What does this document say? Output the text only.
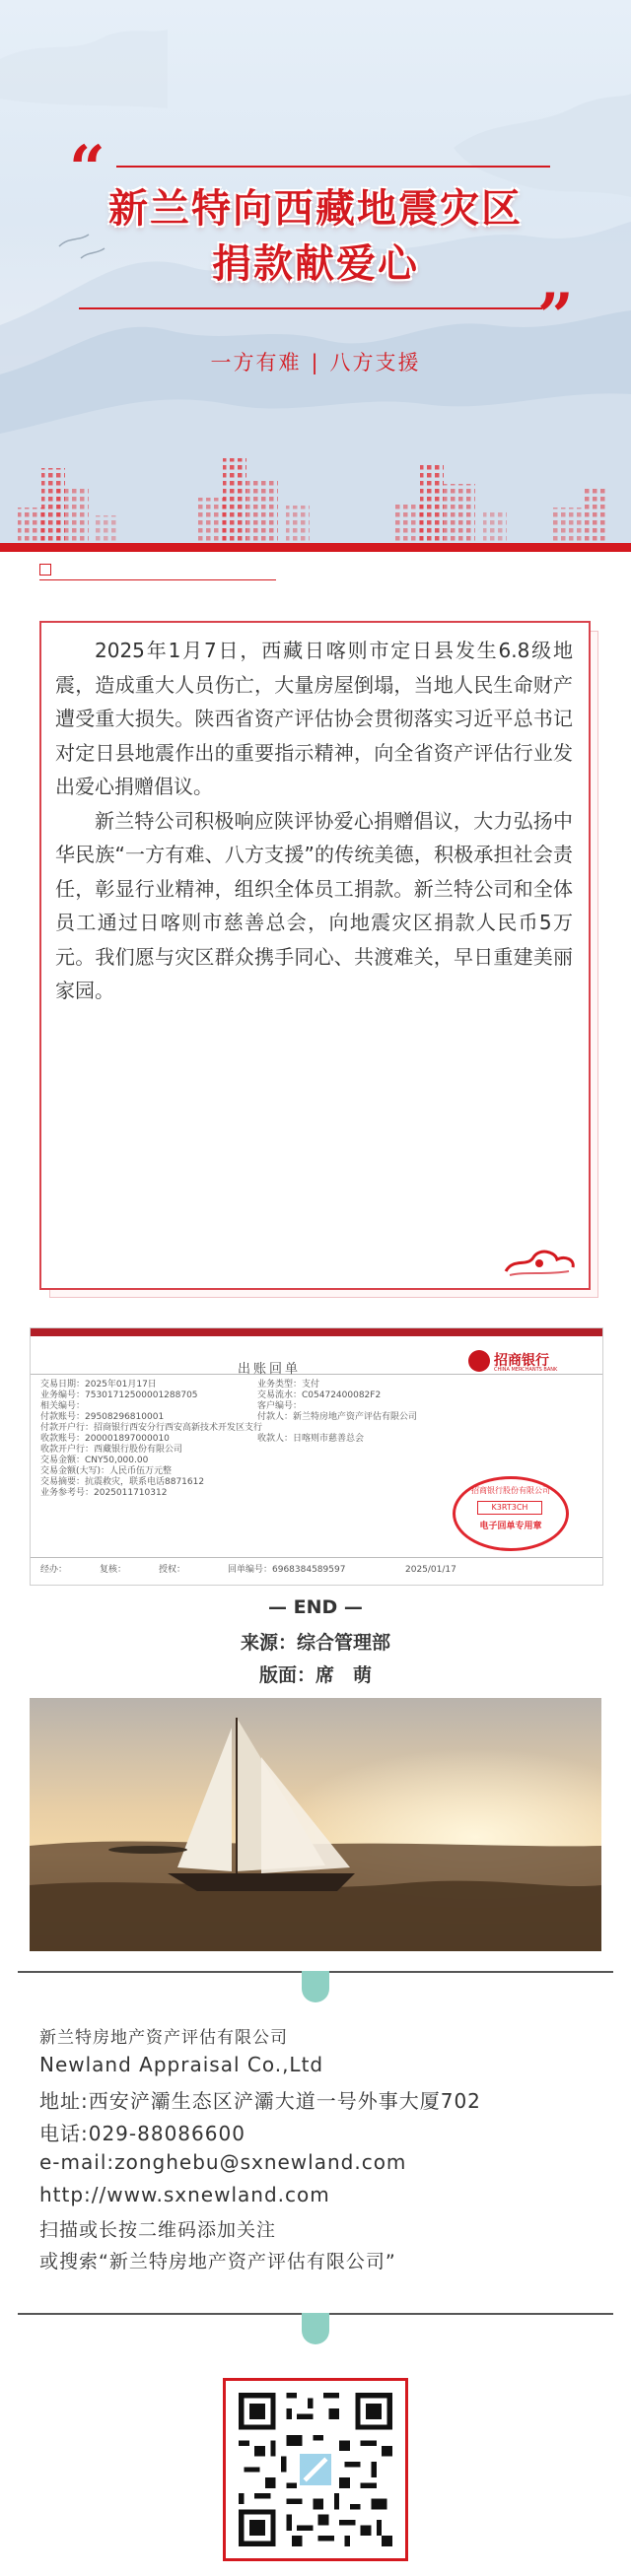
“
新兰特向西藏地震灾区
捐款献爱心
”
一方有难 | 八方支援

2025年1月7日，西藏日喀则市定日县发生6.8级地震，造成重大人员伤亡，大量房屋倒塌，当地人民生命财产遭受重大损失。陕西省资产评估协会贯彻落实习近平总书记对定日县地震作出的重要指示精神，向全省资产评估行业发出爱心捐赠倡议。

新兰特公司积极响应陕评协爱心捐赠倡议，大力弘扬中华民族“一方有难、八方支援”的传统美德，积极承担社会责任，彰显行业精神，组织全体员工捐款。新兰特公司和全体员工通过日喀则市慈善总会，向地震灾区捐款人民币5万元。我们愿与灾区群众携手同心、共渡难关，早日重建美丽家园。

出账回单
招商银行
CHINA MERCHANTS BANK
交易日期：2025年01月17日
业务编号：75301712500001288705
相关编号：
付款账号：29508296810001
付款开户行：招商银行西安分行西安高新技术开发区支行
收款账号：200001897000010
收款开户行：西藏银行股份有限公司
交易金额：CNY50,000.00
交易金额(大写)：人民币伍万元整
交易摘要：抗震救灾，联系电话8871612
业务参考号：2025011710312
业务类型：支付
交易流水：C05472400082F2
客户编号：
付款人：新兰特房地产资产评估有限公司
收款人：日喀则市慈善总会
招商银行股份有限公司
K3RT3CH
电子回单专用章
经办：	复核：	授权：	回单编号：6968384589597	2025/01/17
— END —
来源：综合管理部
版面：席　萌
新兰特房地产资产评估有限公司
Newland Appraisal Co.,Ltd
地址:西安浐灞生态区浐灞大道一号外事大厦702
电话:029-88086600
e-mail:zonghebu@sxnewland.com
http://www.sxnewland.com
扫描或长按二维码添加关注
或搜索“新兰特房地产资产评估有限公司”
